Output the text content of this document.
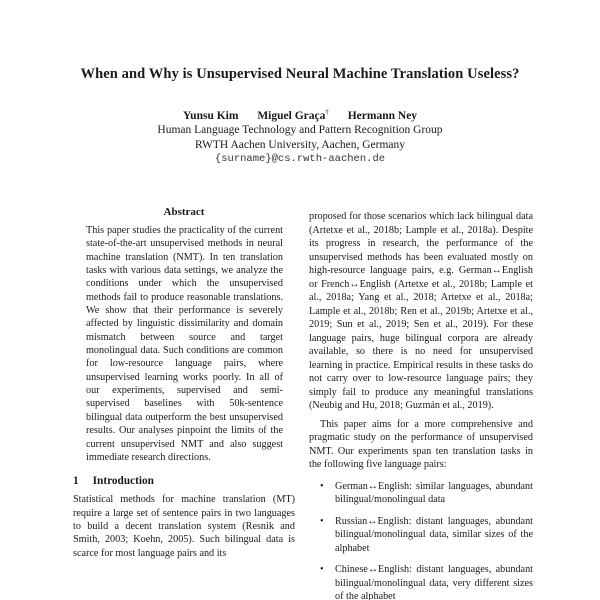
When and Why is Unsupervised Neural Machine Translation Useless?
Yunsu Kim Miguel Graça† Hermann Ney
Human Language Technology and Pattern Recognition Group
RWTH Aachen University, Aachen, Germany
{surname}@cs.rwth-aachen.de
Abstract

This paper studies the practicality of the current state-of-the-art unsupervised methods in neural machine translation (NMT). In ten translation tasks with various data settings, we analyze the conditions under which the unsupervised methods fail to produce reasonable translations. We show that their performance is severely affected by linguistic dissimilarity and domain mismatch between source and target monolingual data. Such conditions are common for low-resource language pairs, where unsupervised learning works poorly. In all of our experiments, supervised and semi-supervised baselines with 50k-sentence bilingual data outperform the best unsupervised results. Our analyses pinpoint the limits of the current unsupervised NMT and also suggest immediate research directions.

1 Introduction

Statistical methods for machine translation (MT) require a large set of sentence pairs in two languages to build a decent translation system (Resnik and Smith, 2003; Koehn, 2005). Such bilingual data is scarce for most language pairs and its

proposed for those scenarios which lack bilingual data (Artetxe et al., 2018b; Lample et al., 2018a). Despite its progress in research, the performance of the unsupervised methods has been evaluated mostly on high-resource language pairs, e.g. German↔English or French↔English (Artetxe et al., 2018b; Lample et al., 2018a; Yang et al., 2018; Artetxe et al., 2018a; Lample et al., 2018b; Ren et al., 2019b; Artetxe et al., 2019; Sun et al., 2019; Sen et al., 2019). For these language pairs, huge bilingual corpora are already available, so there is no need for unsupervised learning in practice. Empirical results in these tasks do not carry over to low-resource language pairs; they simply fail to produce any meaningful translations (Neubig and Hu, 2018; Guzmán et al., 2019).

This paper aims for a more comprehensive and pragmatic study on the performance of unsupervised NMT. Our experiments span ten translation tasks in the following five language pairs:

• German↔English: similar languages, abundant bilingual/monolingual data
• Russian↔English: distant languages, abundant bilingual/monolingual data, similar sizes of the alphabet
• Chinese↔English: distant languages, abundant bilingual/monolingual data, very different sizes of the alphabet
